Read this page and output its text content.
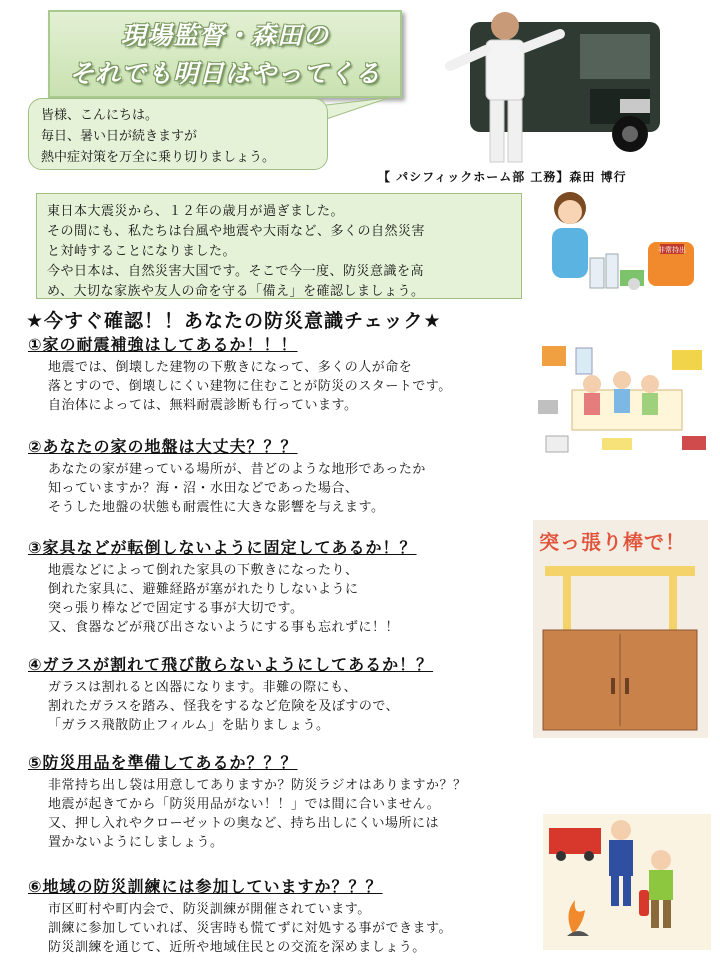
現場監督・森田の
それでも明日はやってくる
皆様、こんにちは。
毎日、暑い日が続きますが
熱中症対策を万全に乗り切りましょう。
【 パシフィックホーム部 工務】森田 博行
東日本大震災から、１２年の歳月が過ぎました。
その間にも、私たちは台風や地震や大雨など、多くの自然災害
と対峙することになりました。
今や日本は、自然災害大国です。そこで今一度、防災意識を高
め、大切な家族や友人の命を守る「備え」を確認しましょう。
非常持出
★今すぐ確認！！あなたの防災意識チェック★
①家の耐震補強はしてあるか！！！
地震では、倒壊した建物の下敷きになって、多くの人が命を
落とすので、倒壊しにくい建物に住むことが防災のスタートです。
自治体によっては、無料耐震診断も行っています。
②あなたの家の地盤は大丈夫？？？
あなたの家が建っている場所が、昔どのような地形であったか
知っていますか？海・沼・水田などであった場合、
そうした地盤の状態も耐震性に大きな影響を与えます。
③家具などが転倒しないように固定してあるか！？
地震などによって倒れた家具の下敷きになったり、
倒れた家具に、避難経路が塞がれたりしないように
突っ張り棒などで固定する事が大切です。
又、食器などが飛び出さないようにする事も忘れずに！！
④ガラスが割れて飛び散らないようにしてあるか！？
ガラスは割れると凶器になります。非難の際にも、
割れたガラスを踏み、怪我をするなど危険を及ぼすので、
「ガラス飛散防止フィルム」を貼りましょう。
⑤防災用品を準備してあるか？？？
非常持ち出し袋は用意してありますか？防災ラジオはありますか？？
地震が起きてから「防災用品がない！！」では間に合いません。
又、押し入れやクローゼットの奥など、持ち出しにくい場所には
置かないようにしましょう。
⑥地域の防災訓練には参加していますか？？？
市区町村や町内会で、防災訓練が開催されています。
訓練に参加していれば、災害時も慌てずに対処する事ができます。
防災訓練を通じて、近所や地域住民との交流を深めましょう。
突っ張り棒で！
